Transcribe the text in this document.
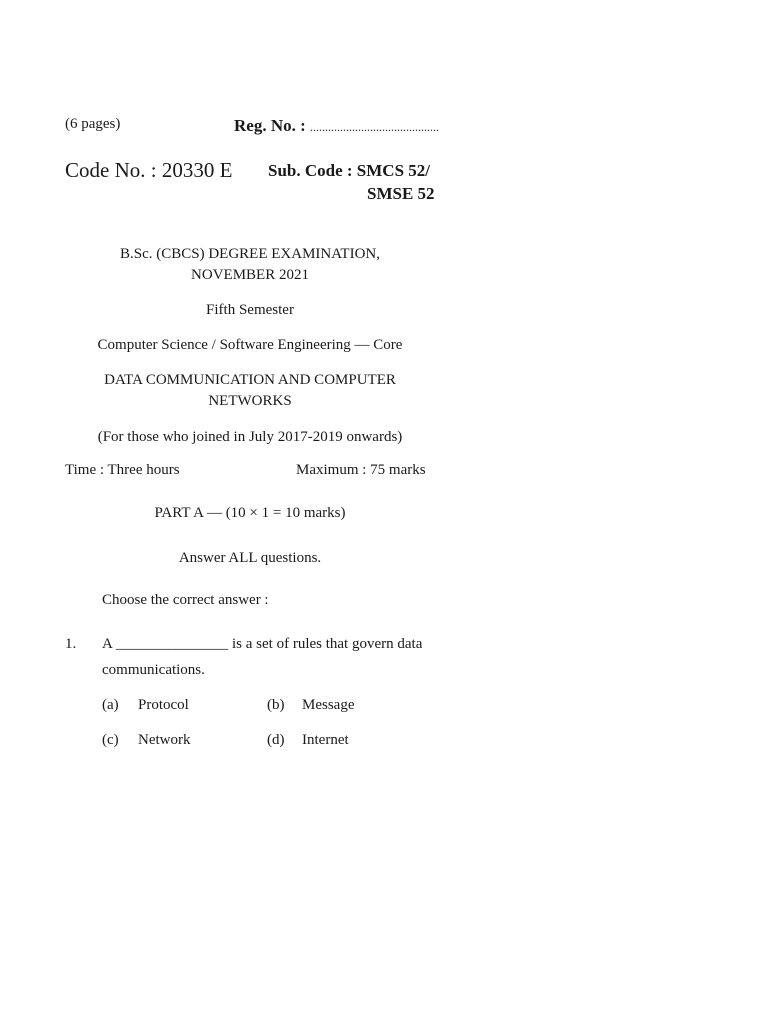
(6 pages)	Reg. No. : ...........................................
Code No. : 20330 E Sub. Code : SMCS 52/
SMSE 52
B.Sc. (CBCS) DEGREE EXAMINATION,
NOVEMBER 2021
Fifth Semester
Computer Science / Software Engineering — Core
DATA COMMUNICATION AND COMPUTER
NETWORKS
(For those who joined in July 2017-2019 onwards)
Time : Three hours	Maximum : 75 marks
PART A — (10 × 1 = 10 marks)
Answer ALL questions.
Choose the correct answer :
1. A _______________ is a set of rules that govern data
communications.
(a) Protocol	(b) Message
(c) Network	(d) Internet
